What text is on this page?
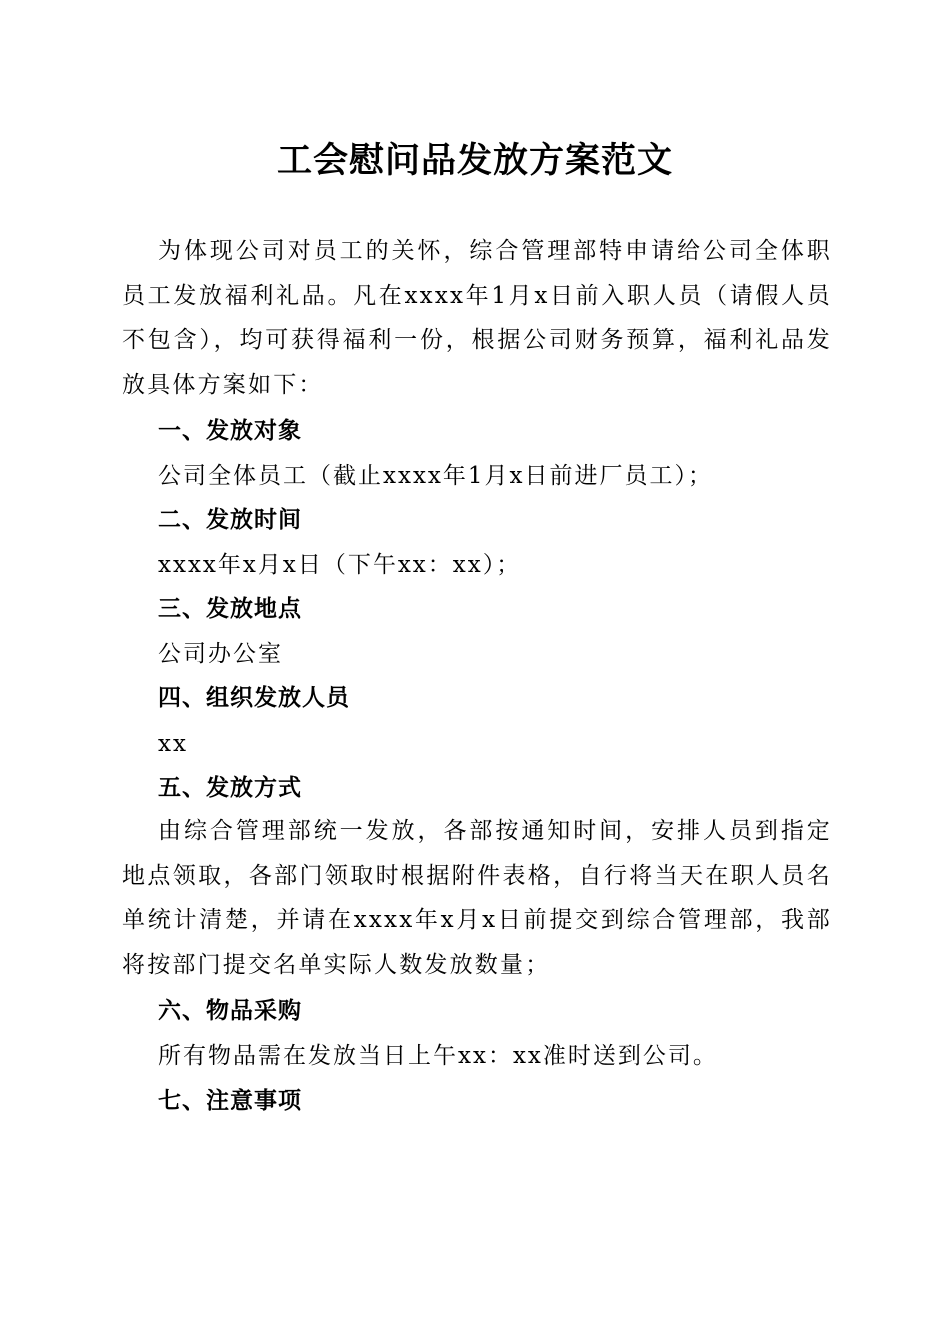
工会慰问品发放方案范文
为体现公司对员工的关怀，综合管理部特申请给公司全体职员工发放福利礼品。凡在xxxx年1月x日前入职人员（请假人员不包含），均可获得福利一份，根据公司财务预算，福利礼品发放具体方案如下：
一、发放对象
公司全体员工（截止xxxx年1月x日前进厂员工）；
二、发放时间
xxxx年x月x日（下午xx：xx）；
三、发放地点
公司办公室
四、组织发放人员
xx
五、发放方式
由综合管理部统一发放，各部按通知时间，安排人员到指定地点领取，各部门领取时根据附件表格，自行将当天在职人员名单统计清楚，并请在xxxx年x月x日前提交到综合管理部，我部将按部门提交名单实际人数发放数量；
六、物品采购
所有物品需在发放当日上午xx：xx准时送到公司。
七、注意事项
